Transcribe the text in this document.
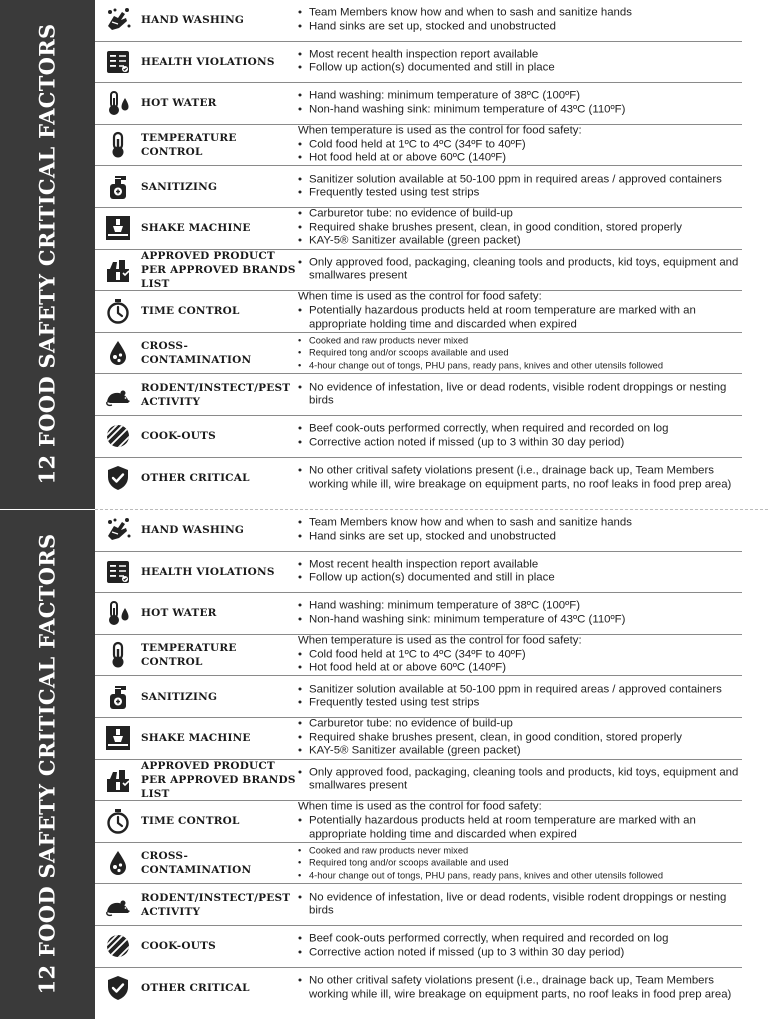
12 FOOD SAFETY CRITICAL FACTORS
HAND WASHING
• Team Members know how and when to sash and sanitize hands
• Hand sinks are set up, stocked and unobstructed
HEALTH VIOLATIONS
• Most recent health inspection report available
• Follow up action(s) documented and still in place
HOT WATER
• Hand washing: minimum temperature of 38ºC (100ºF)
• Non-hand washing sink: minimum temperature of 43ºC (110ºF)
TEMPERATURE CONTROL
When temperature is used as the control for food safety:
• Cold food held at 1ºC to 4ºC (34ºF to 40ºF)
• Hot food held at or above 60ºC (140ºF)
SANITIZING
• Sanitizer solution available at 50-100 ppm in required areas / approved containers
• Frequently tested using test strips
SHAKE MACHINE
• Carburetor tube: no evidence of build-up
• Required shake brushes present, clean, in good condition, stored properly
• KAY-5® Sanitizer available (green packet)
APPROVED PRODUCT PER APPROVED BRANDS LIST
• Only approved food, packaging, cleaning tools and products, kid toys, equipment and smallwares present
TIME CONTROL
When time is used as the control for food safety:
• Potentially hazardous products held at room temperature are marked with an appropriate holding time and discarded when expired
CROSS-CONTAMINATION
• Cooked and raw products never mixed
• Required tong and/or scoops available and used
• 4-hour change out of tongs, PHU pans, ready pans, knives and other utensils followed
RODENT/INSTECT/PEST ACTIVITY
• No evidence of infestation, live or dead rodents, visible rodent droppings or nesting birds
COOK-OUTS
• Beef cook-outs performed correctly, when required and recorded on log
• Corrective action noted if missed (up to 3 within 30 day period)
OTHER CRITICAL
• No other critival safety violations present (i.e., drainage back up, Team Members working while ill, wire breakage on equipment parts, no roof leaks in food prep area)
12 FOOD SAFETY CRITICAL FACTORS
HAND WASHING
• Team Members know how and when to sash and sanitize hands
• Hand sinks are set up, stocked and unobstructed
HEALTH VIOLATIONS
• Most recent health inspection report available
• Follow up action(s) documented and still in place
HOT WATER
• Hand washing: minimum temperature of 38ºC (100ºF)
• Non-hand washing sink: minimum temperature of 43ºC (110ºF)
TEMPERATURE CONTROL
When temperature is used as the control for food safety:
• Cold food held at 1ºC to 4ºC (34ºF to 40ºF)
• Hot food held at or above 60ºC (140ºF)
SANITIZING
• Sanitizer solution available at 50-100 ppm in required areas / approved containers
• Frequently tested using test strips
SHAKE MACHINE
• Carburetor tube: no evidence of build-up
• Required shake brushes present, clean, in good condition, stored properly
• KAY-5® Sanitizer available (green packet)
APPROVED PRODUCT PER APPROVED BRANDS LIST
• Only approved food, packaging, cleaning tools and products, kid toys, equipment and smallwares present
TIME CONTROL
When time is used as the control for food safety:
• Potentially hazardous products held at room temperature are marked with an appropriate holding time and discarded when expired
CROSS-CONTAMINATION
• Cooked and raw products never mixed
• Required tong and/or scoops available and used
• 4-hour change out of tongs, PHU pans, ready pans, knives and other utensils followed
RODENT/INSTECT/PEST ACTIVITY
• No evidence of infestation, live or dead rodents, visible rodent droppings or nesting birds
COOK-OUTS
• Beef cook-outs performed correctly, when required and recorded on log
• Corrective action noted if missed (up to 3 within 30 day period)
OTHER CRITICAL
• No other critival safety violations present (i.e., drainage back up, Team Members working while ill, wire breakage on equipment parts, no roof leaks in food prep area)
